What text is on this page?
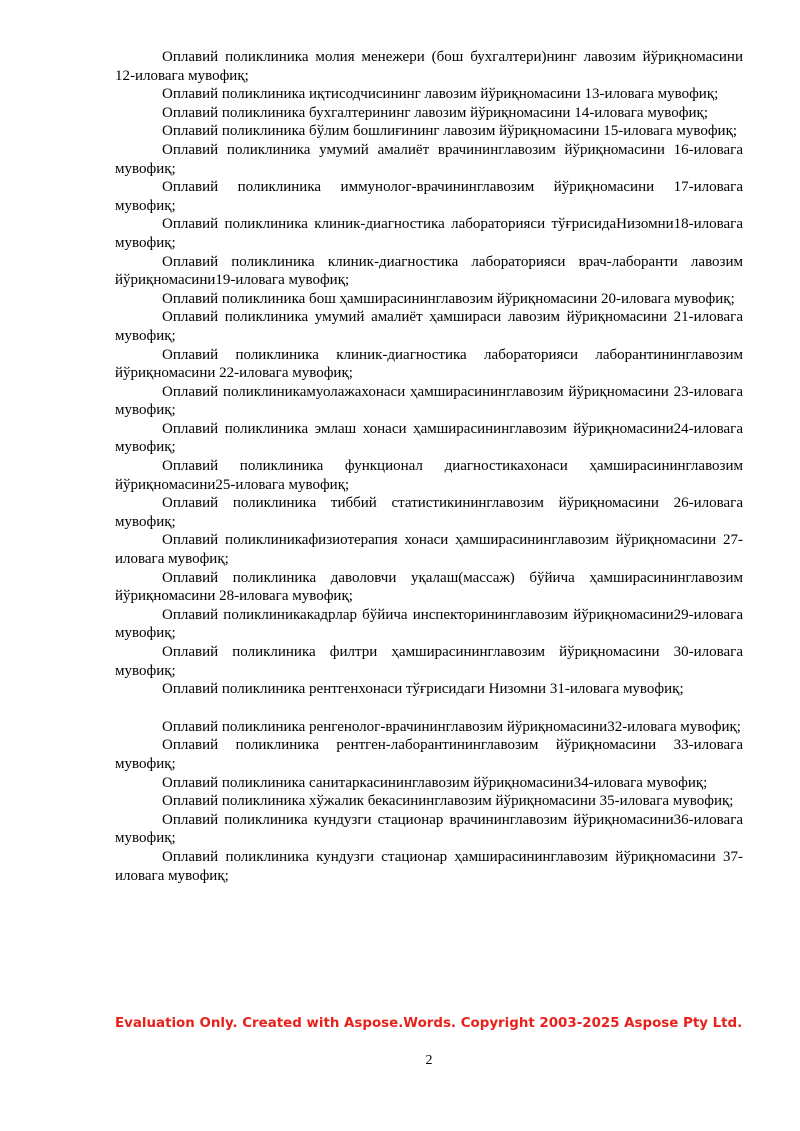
Оплавий поликлиника молия менежери (бош бухгалтери)нинг лавозим йўриқномасини 12-иловага мувофиқ;

Оплавий поликлиника иқтисодчисининг лавозим йўриқномасини 13-иловага мувофиқ;

Оплавий поликлиника бухгалтерининг лавозим йўриқномасини 14-иловага мувофиқ;

Оплавий поликлиника бўлим бошлиғининг лавозим йўриқномасини 15-иловага мувофиқ;

Оплавий поликлиника умумий амалиёт врачининглавозим йўриқномасини 16-иловага мувофиқ;

Оплавий поликлиника иммунолог-врачининглавозим йўриқномасини 17-иловага мувофиқ;

Оплавий поликлиника клиник-диагностика лабораторияси тўғрисидаНизомни18-иловага мувофиқ;

Оплавий поликлиника клиник-диагностика лабораторияси врач-лаборанти лавозим йўриқномасини19-иловага мувофиқ;

Оплавий поликлиника бош ҳамширасининглавозим йўриқномасини 20-иловага мувофиқ;

Оплавий поликлиника умумий амалиёт ҳамшираси лавозим йўриқномасини 21-иловага мувофиқ;

Оплавий поликлиника клиник-диагностика лабораторияси лаборантининглавозим йўриқномасини 22-иловага мувофиқ;

Оплавий поликлиникамуолажахонаси ҳамширасининглавозим йўриқномасини 23-иловага мувофиқ;

Оплавий поликлиника эмлаш хонаси ҳамширасининглавозим йўриқномасини24-иловага мувофиқ;

Оплавий поликлиника функционал диагностикахонаси ҳамширасининглавозим йўриқномасини25-иловага мувофиқ;

Оплавий поликлиника тиббий статистикининглавозим йўриқномасини 26-иловага мувофиқ;

Оплавий поликлиникафизиотерапия хонаси ҳамширасининглавозим йўриқномасини 27-иловага мувофиқ;

Оплавий поликлиника даволовчи уқалаш(массаж) бўйича ҳамширасининглавозим йўриқномасини 28-иловага мувофиқ;

Оплавий поликлиникакадрлар бўйича инспекторининглавозим йўриқномасини29-иловага мувофиқ;

Оплавий поликлиника филтри ҳамширасининглавозим йўриқномасини 30-иловага мувофиқ;

Оплавий поликлиника рентгенхонаси тўғрисидаги Низомни 31-иловага мувофиқ;

Оплавий поликлиника ренгенолог-врачининглавозим йўриқномасини32-иловага мувофиқ;

Оплавий поликлиника рентген-лаборантининглавозим йўриқномасини 33-иловага мувофиқ;

Оплавий поликлиника санитаркасининглавозим йўриқномасини34-иловага мувофиқ;

Оплавий поликлиника хўжалик бекасининглавозим йўриқномасини 35-иловага мувофиқ;

Оплавий поликлиника кундузги стационар врачининглавозим йўриқномасини36-иловага мувофиқ;

Оплавий поликлиника кундузги стационар ҳамширасининглавозим йўриқномасини 37-иловага мувофиқ;

Evaluation Only. Created with Aspose.Words. Copyright 2003-2025 Aspose Pty Ltd.
2
